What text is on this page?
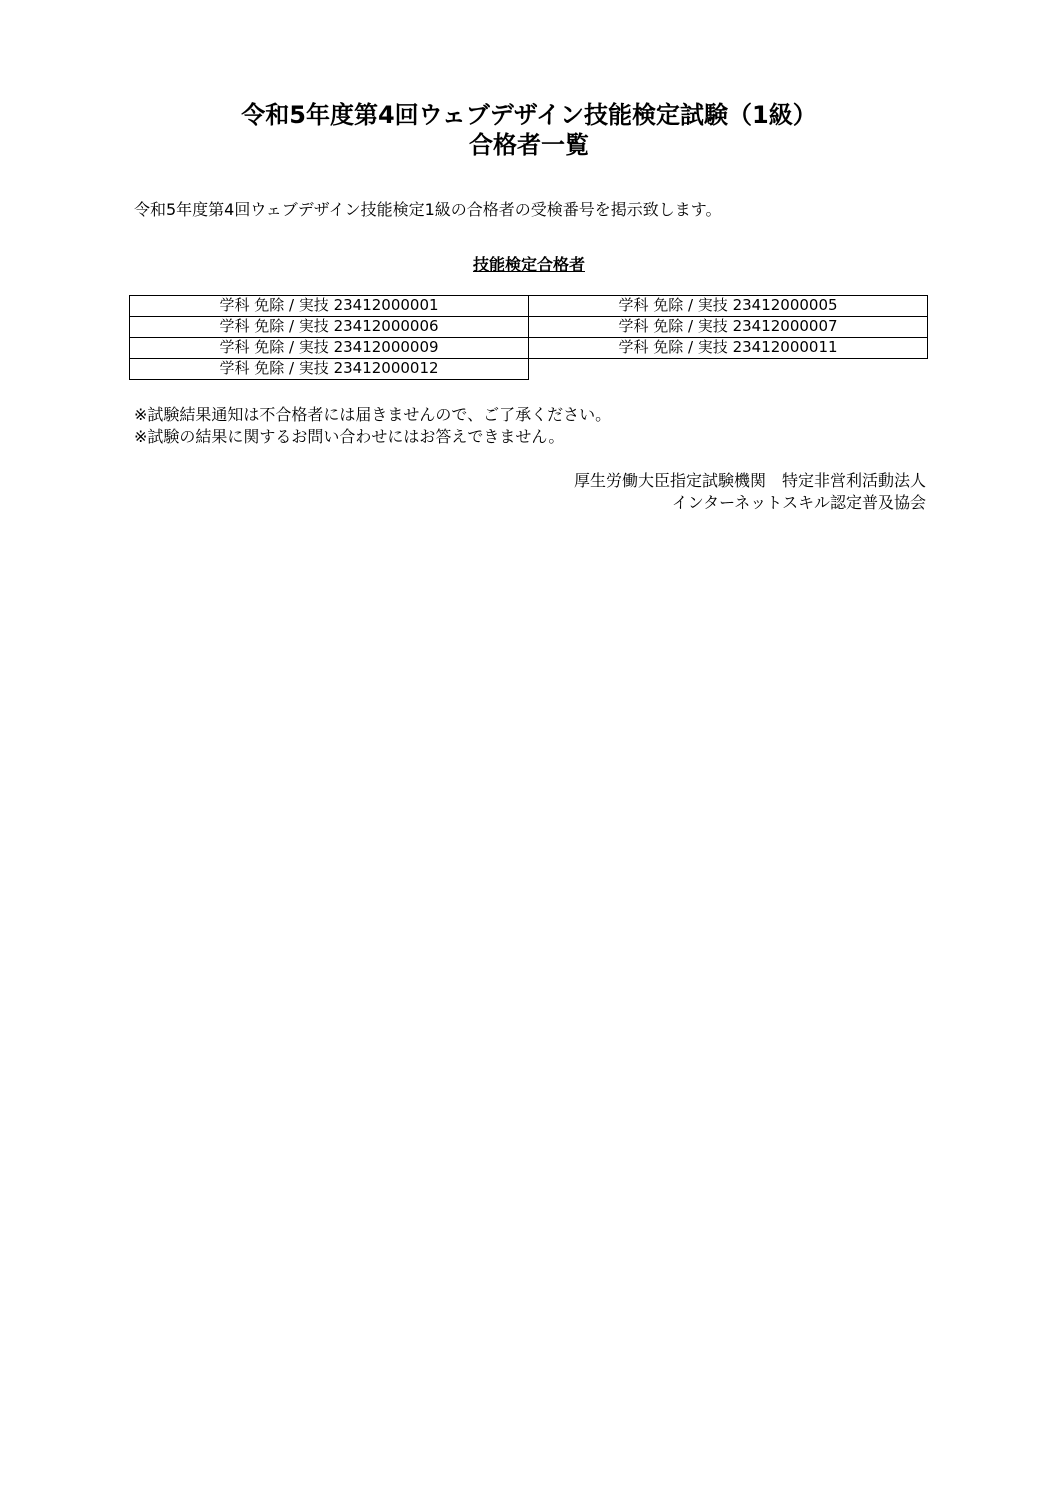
令和5年度第4回ウェブデザイン技能検定試験（1級）
合格者一覧
令和5年度第4回ウェブデザイン技能検定1級の合格者の受検番号を掲示致します。
技能検定合格者
学科 免除 / 実技 23412000001	学科 免除 / 実技 23412000005
学科 免除 / 実技 23412000006	学科 免除 / 実技 23412000007
学科 免除 / 実技 23412000009	学科 免除 / 実技 23412000011
学科 免除 / 実技 23412000012
※試験結果通知は不合格者には届きませんので、ご了承ください。
※試験の結果に関するお問い合わせにはお答えできません。
厚生労働大臣指定試験機関　特定非営利活動法人
インターネットスキル認定普及協会
